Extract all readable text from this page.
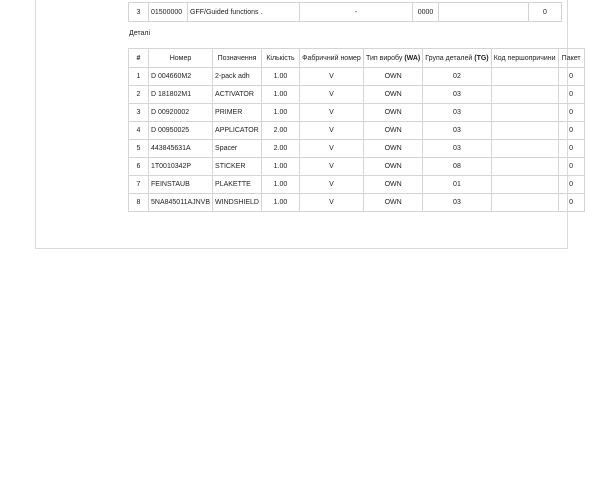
3	01500000	GFF/Guided functions .	-	0000		0
Деталі
#	Номер	Позначення	Кількість	Фабричний номер	Тип виробу (WA)	Група деталей (TG)	Код першопричини	Пакет
1	D 004660M2	2-pack adh	1.00	V	OWN	02		0
2	D 181802M1	ACTIVATOR	1.00	V	OWN	03		0
3	D 00920002	PRIMER	1.00	V	OWN	03		0
4	D 00950025	APPLICATOR	2.00	V	OWN	03		0
5	443845631A	Spacer	2.00	V	OWN	03		0
6	1T0010342P	STICKER	1.00	V	OWN	08		0
7	FEINSTAUB	PLAKETTE	1.00	V	OWN	01		0
8	5NA845011AJNVB	WINDSHIELD	1.00	V	OWN	03		0
